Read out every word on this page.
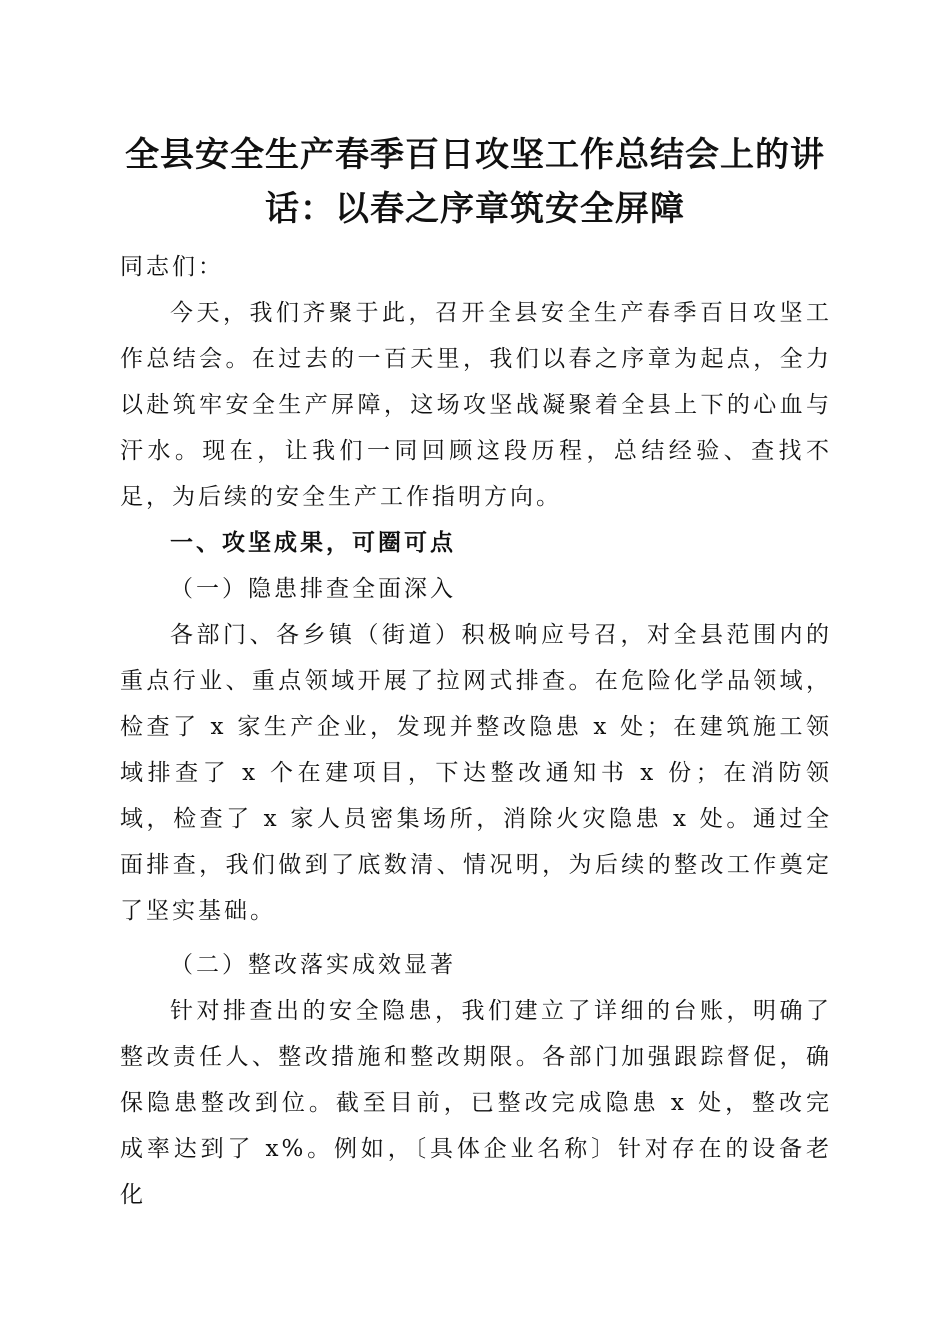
全县安全生产春季百日攻坚工作总结会上的讲
话：以春之序章筑安全屏障

同志们：

今天，我们齐聚于此，召开全县安全生产春季百日攻坚工作总结会。在过去的一百天里，我们以春之序章为起点，全力以赴筑牢安全生产屏障，这场攻坚战凝聚着全县上下的心血与汗水。现在，让我们一同回顾这段历程，总结经验、查找不足，为后续的安全生产工作指明方向。

一、攻坚成果，可圈可点

（一）隐患排查全面深入

各部门、各乡镇（街道）积极响应号召，对全县范围内的重点行业、重点领域开展了拉网式排查。在危险化学品领域，检查了 x 家生产企业，发现并整改隐患 x 处；在建筑施工领域排查了 x 个在建项目，下达整改通知书 x 份；在消防领域，检查了 x 家人员密集场所，消除火灾隐患 x 处。通过全面排查，我们做到了底数清、情况明，为后续的整改工作奠定了坚实基础。

（二）整改落实成效显著

针对排查出的安全隐患，我们建立了详细的台账，明确了整改责任人、整改措施和整改期限。各部门加强跟踪督促，确保隐患整改到位。截至目前，已整改完成隐患 x 处，整改完成率达到了 x%。例如，〔具体企业名称〕针对存在的设备老化
